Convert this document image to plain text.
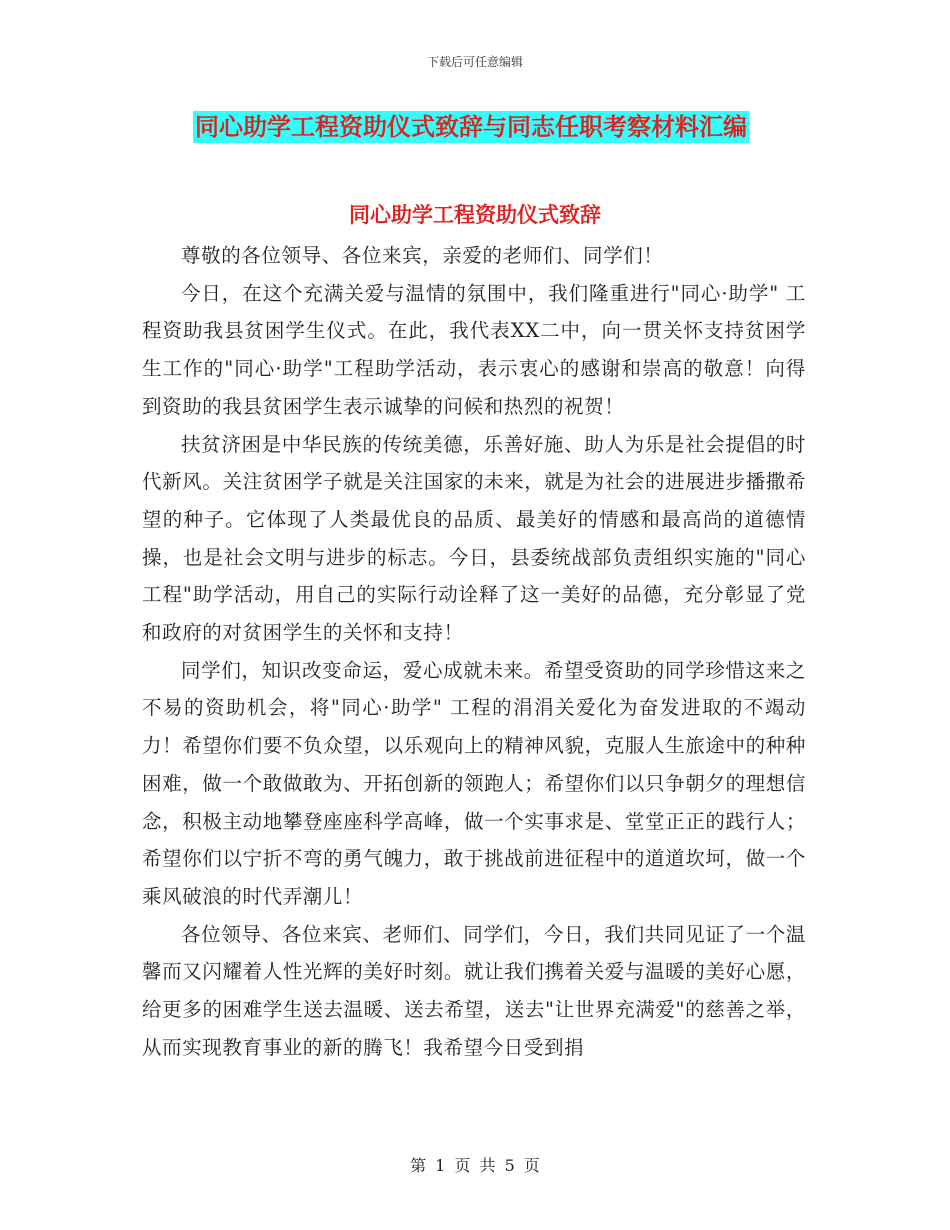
下载后可任意编辑
同心助学工程资助仪式致辞与同志任职考察材料汇编
同心助学工程资助仪式致辞

尊敬的各位领导、各位来宾，亲爱的老师们、同学们！

今日，在这个充满关爱与温情的氛围中，我们隆重进行"同心·助学" 工程资助我县贫困学生仪式。在此，我代表XX二中，向一贯关怀支持贫困学生工作的"同心·助学"工程助学活动，表示衷心的感谢和崇高的敬意！向得到资助的我县贫困学生表示诚挚的问候和热烈的祝贺！

扶贫济困是中华民族的传统美德，乐善好施、助人为乐是社会提倡的时代新风。关注贫困学子就是关注国家的未来，就是为社会的进展进步播撒希望的种子。它体现了人类最优良的品质、最美好的情感和最高尚的道德情操，也是社会文明与进步的标志。今日，县委统战部负责组织实施的"同心工程"助学活动，用自己的实际行动诠释了这一美好的品德，充分彰显了党和政府的对贫困学生的关怀和支持！

同学们，知识改变命运，爱心成就未来。希望受资助的同学珍惜这来之不易的资助机会，将"同心·助学" 工程的涓涓关爱化为奋发进取的不竭动力！希望你们要不负众望，以乐观向上的精神风貌，克服人生旅途中的种种困难，做一个敢做敢为、开拓创新的领跑人；希望你们以只争朝夕的理想信念，积极主动地攀登座座科学高峰，做一个实事求是、堂堂正正的践行人；希望你们以宁折不弯的勇气魄力，敢于挑战前进征程中的道道坎坷，做一个乘风破浪的时代弄潮儿！

各位领导、各位来宾、老师们、同学们，今日，我们共同见证了一个温馨而又闪耀着人性光辉的美好时刻。就让我们携着关爱与温暖的美好心愿，给更多的困难学生送去温暖、送去希望，送去"让世界充满爱"的慈善之举，从而实现教育事业的新的腾飞！我希望今日受到捐

第 1 页 共 5 页
